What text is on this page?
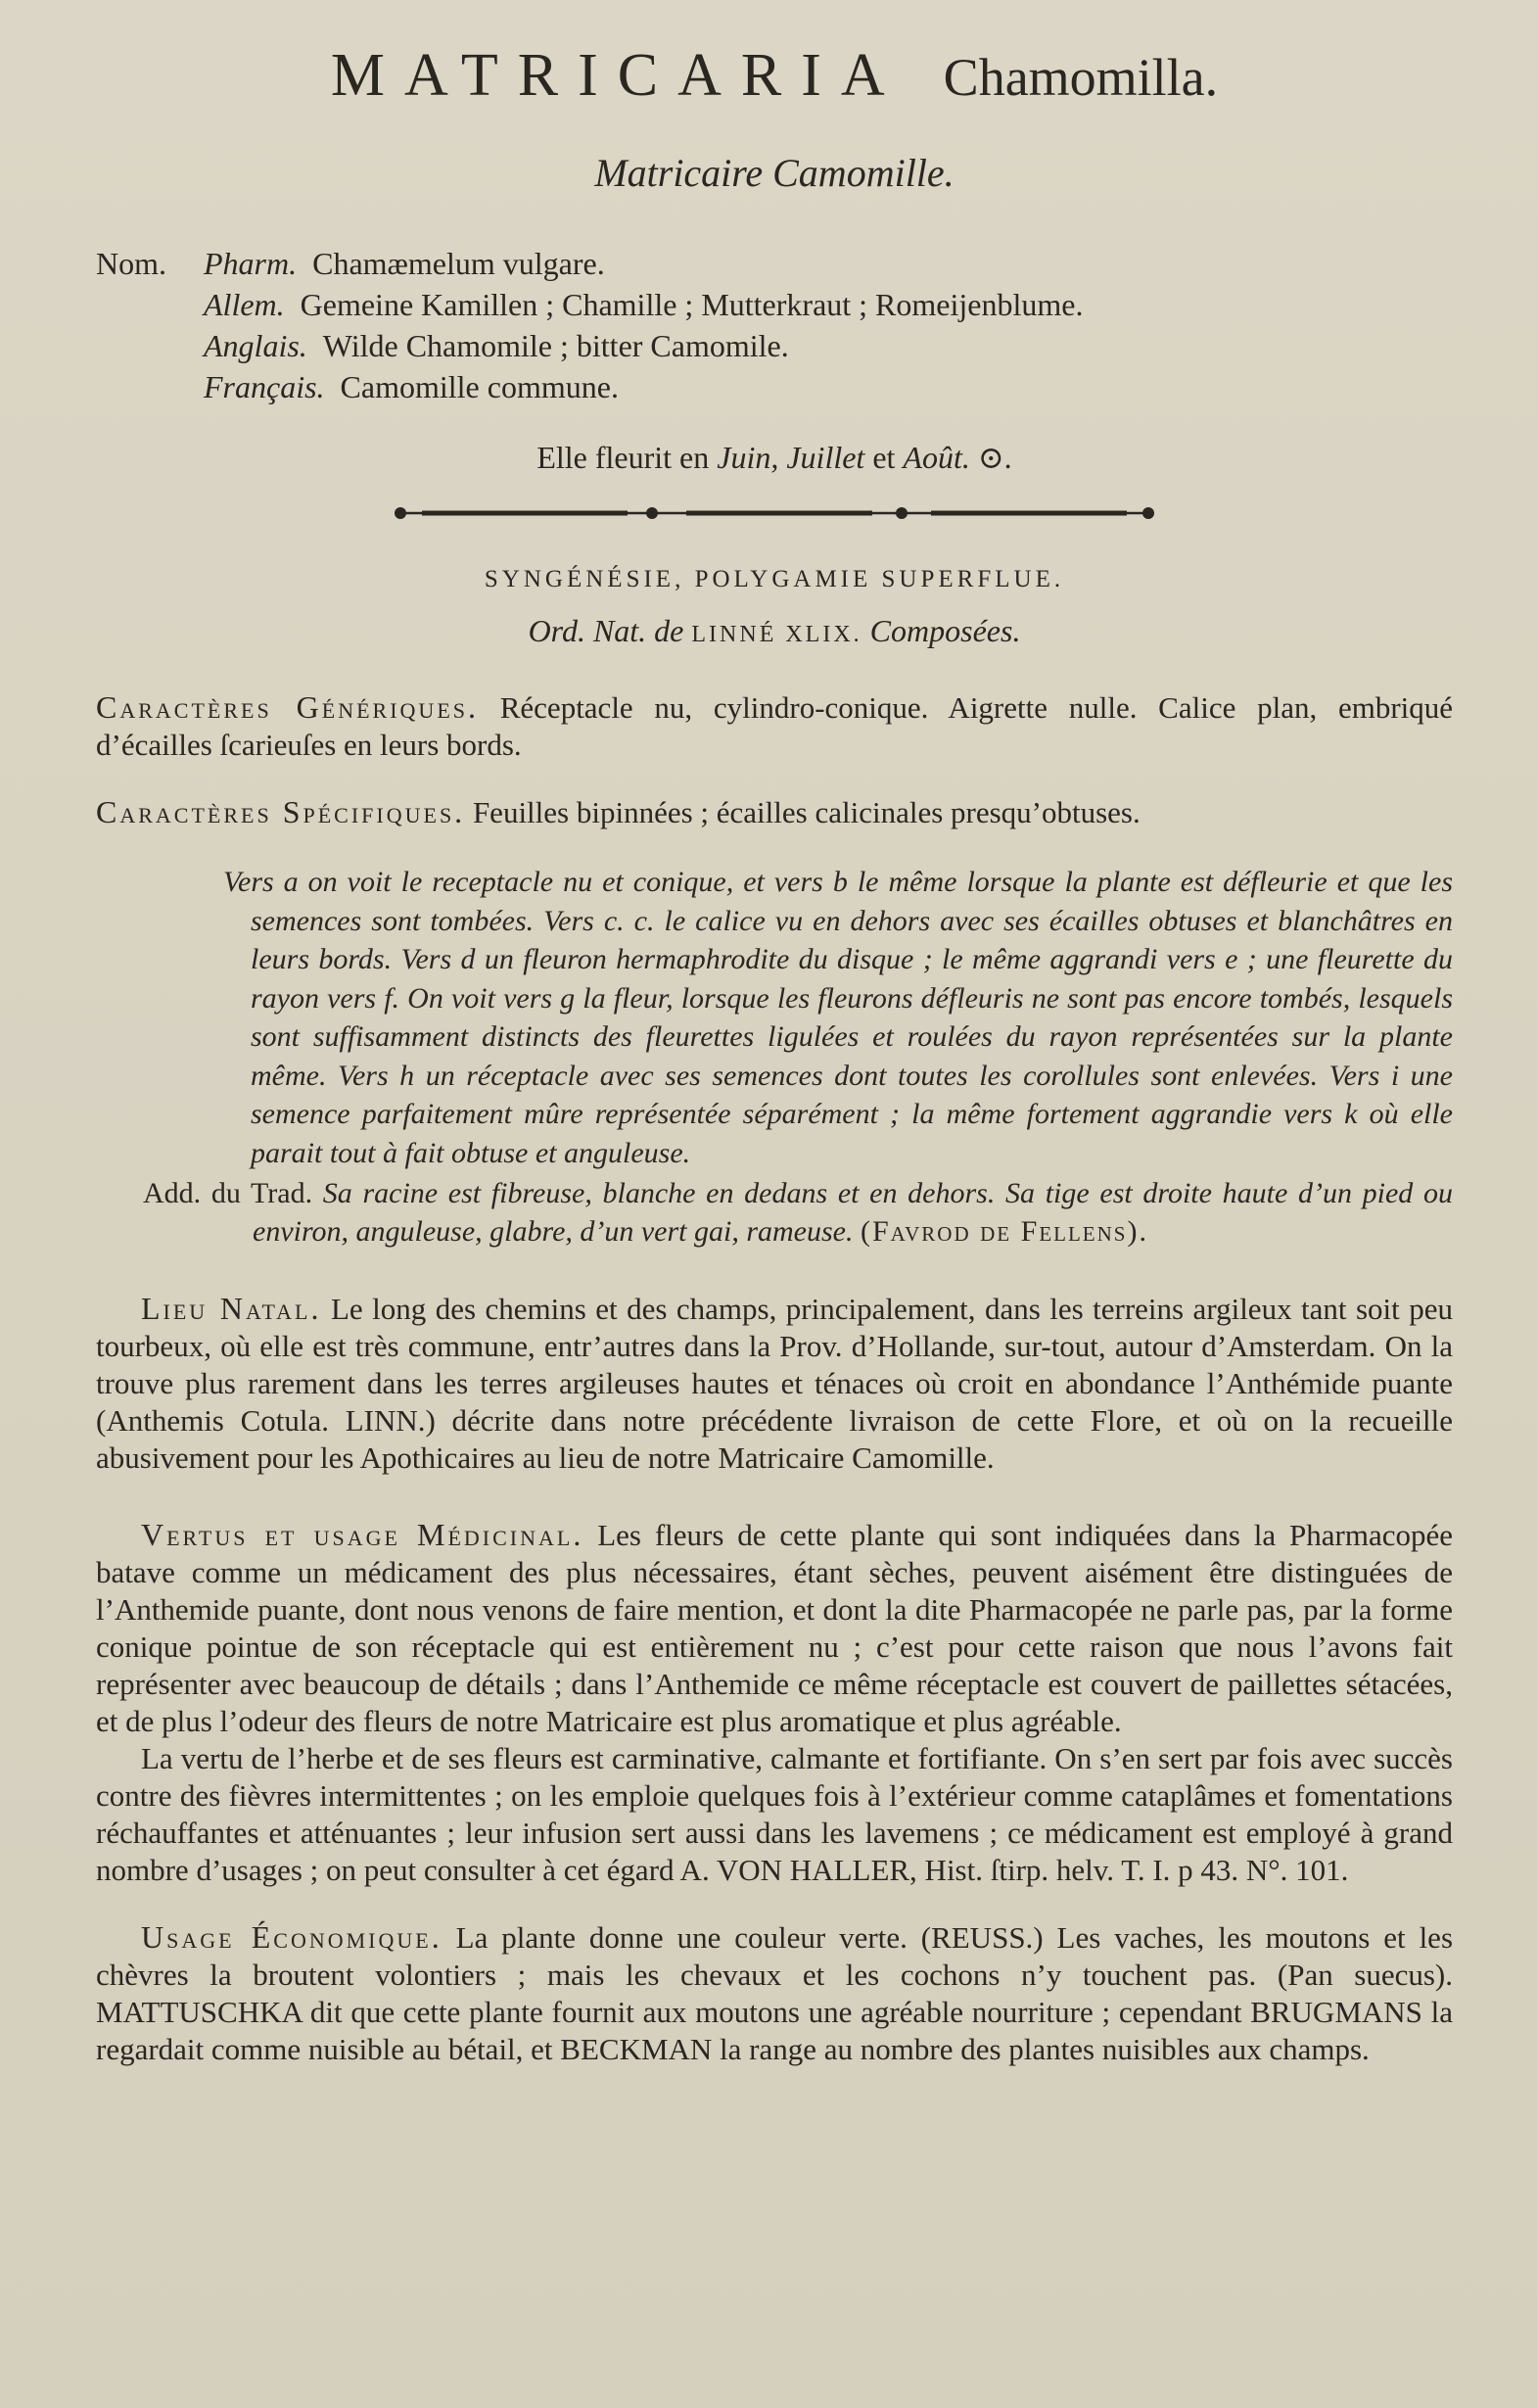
MATRICARIA Chamomilla.
Matricaire Camomille.
Nom.	Pharm. Chamæmelum vulgare.
Allem. Gemeine Kamillen ; Chamille ; Mutterkraut ; Romeijenblume.
Anglais. Wilde Chamomile ; bitter Camomile.
Français. Camomille commune.
Elle fleurit en Juin, Juillet et Août. ⊙.
SYNGÉNÉSIE, POLYGAMIE SUPERFLUE.
Ord. Nat. de LINNÉ XLIX. Composées.

Caractères Génériques. Réceptacle nu, cylindro-conique. Aigrette nulle. Calice plan, embriqué d’écailles ſcarieuſes en leurs bords.

Caractères Spécifiques. Feuilles bipinnées ; écailles calicinales presqu’obtuses.

Vers a on voit le receptacle nu et conique, et vers b le même lorsque la plante est défleurie et que les semences sont tombées. Vers c. c. le calice vu en dehors avec ses écailles obtuses et blanchâtres en leurs bords. Vers d un fleuron hermaphrodite du disque ; le même aggrandi vers e ; une fleurette du rayon vers f. On voit vers g la fleur, lorsque les fleurons défleuris ne sont pas encore tombés, lesquels sont suffisamment distincts des fleurettes ligulées et roulées du rayon représentées sur la plante même. Vers h un réceptacle avec ses semences dont toutes les corollules sont enlevées. Vers i une semence parfaitement mûre représentée séparément ; la même fortement aggrandie vers k où elle parait tout à fait obtuse et anguleuse.

Add. du Trad. Sa racine est fibreuse, blanche en dedans et en dehors. Sa tige est droite haute d’un pied ou environ, anguleuse, glabre, d’un vert gai, rameuse. (Favrod de Fellens).

Lieu Natal. Le long des chemins et des champs, principalement, dans les terreins argileux tant soit peu tourbeux, où elle est très commune, entr’autres dans la Prov. d’Hollande, sur-tout, autour d’Amsterdam. On la trouve plus rarement dans les terres argileuses hautes et ténaces où croit en abondance l’Anthémide puante (Anthemis Cotula. LINN.) décrite dans notre précédente livraison de cette Flore, et où on la recueille abusivement pour les Apothicaires au lieu de notre Matricaire Camomille.

Vertus et usage Médicinal. Les fleurs de cette plante qui sont indiquées dans la Pharmacopée batave comme un médicament des plus nécessaires, étant sèches, peuvent aisément être distinguées de l’Anthemide puante, dont nous venons de faire mention, et dont la dite Pharmacopée ne parle pas, par la forme conique pointue de son réceptacle qui est entièrement nu ; c’est pour cette raison que nous l’avons fait représenter avec beaucoup de détails ; dans l’Anthemide ce même réceptacle est couvert de paillettes sétacées, et de plus l’odeur des fleurs de notre Matricaire est plus aromatique et plus agréable.

La vertu de l’herbe et de ses fleurs est carminative, calmante et fortifiante. On s’en sert par fois avec succès contre des fièvres intermittentes ; on les emploie quelques fois à l’extérieur comme cataplâmes et fomentations réchauffantes et atténuantes ; leur infusion sert aussi dans les lavemens ; ce médicament est employé à grand nombre d’usages ; on peut consulter à cet égard A. VON HALLER, Hist. ſtirp. helv. T. I. p 43. N°. 101.

Usage Économique. La plante donne une couleur verte. (REUSS.) Les vaches, les moutons et les chèvres la broutent volontiers ; mais les chevaux et les cochons n’y touchent pas. (Pan suecus). MATTUSCHKA dit que cette plante fournit aux moutons une agréable nourriture ; cependant BRUGMANS la regardait comme nuisible au bétail, et BECKMAN la range au nombre des plantes nuisibles aux champs.
